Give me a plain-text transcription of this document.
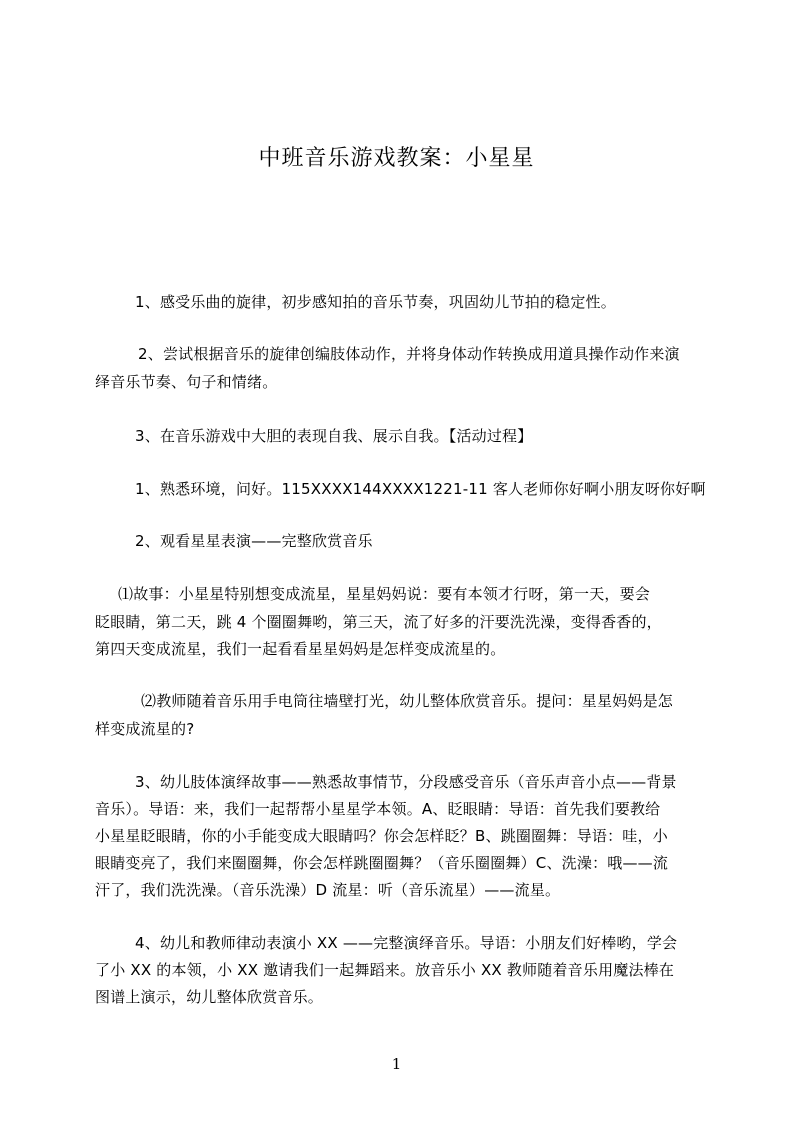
中班音乐游戏教案：小星星
1、感受乐曲的旋律，初步感知拍的音乐节奏，巩固幼儿节拍的稳定性。
2、尝试根据音乐的旋律创编肢体动作，并将身体动作转换成用道具操作动作来演
绎音乐节奏、句子和情绪。
3、在音乐游戏中大胆的表现自我、展示自我。【活动过程】
1、熟悉环境，问好。115XXXX144XXXX1221-11 客人老师你好啊小朋友呀你好啊
2、观看星星表演——完整欣赏音乐
⑴故事：小星星特别想变成流星，星星妈妈说：要有本领才行呀，第一天，要会
眨眼睛，第二天，跳 4 个圈圈舞哟，第三天，流了好多的汗要洗洗澡，变得香香的，
第四天变成流星，我们一起看看星星妈妈是怎样变成流星的。
⑵教师随着音乐用手电筒往墙壁打光，幼儿整体欣赏音乐。提问：星星妈妈是怎
样变成流星的?
3、幼儿肢体演绎故事——熟悉故事情节，分段感受音乐（音乐声音小点——背景
音乐）。导语：来，我们一起帮帮小星星学本领。A、眨眼睛：导语：首先我们要教给
小星星眨眼睛，你的小手能变成大眼睛吗？你会怎样眨？B、跳圈圈舞：导语：哇，小
眼睛变亮了，我们来圈圈舞，你会怎样跳圈圈舞？（音乐圈圈舞）C、洗澡：哦——流
汗了，我们洗洗澡。（音乐洗澡）D 流星：听（音乐流星）——流星。
4、幼儿和教师律动表演小 XX ——完整演绎音乐。导语：小朋友们好棒哟，学会
了小 XX 的本领，小 XX 邀请我们一起舞蹈来。放音乐小 XX 教师随着音乐用魔法棒在
图谱上演示，幼儿整体欣赏音乐。
1
